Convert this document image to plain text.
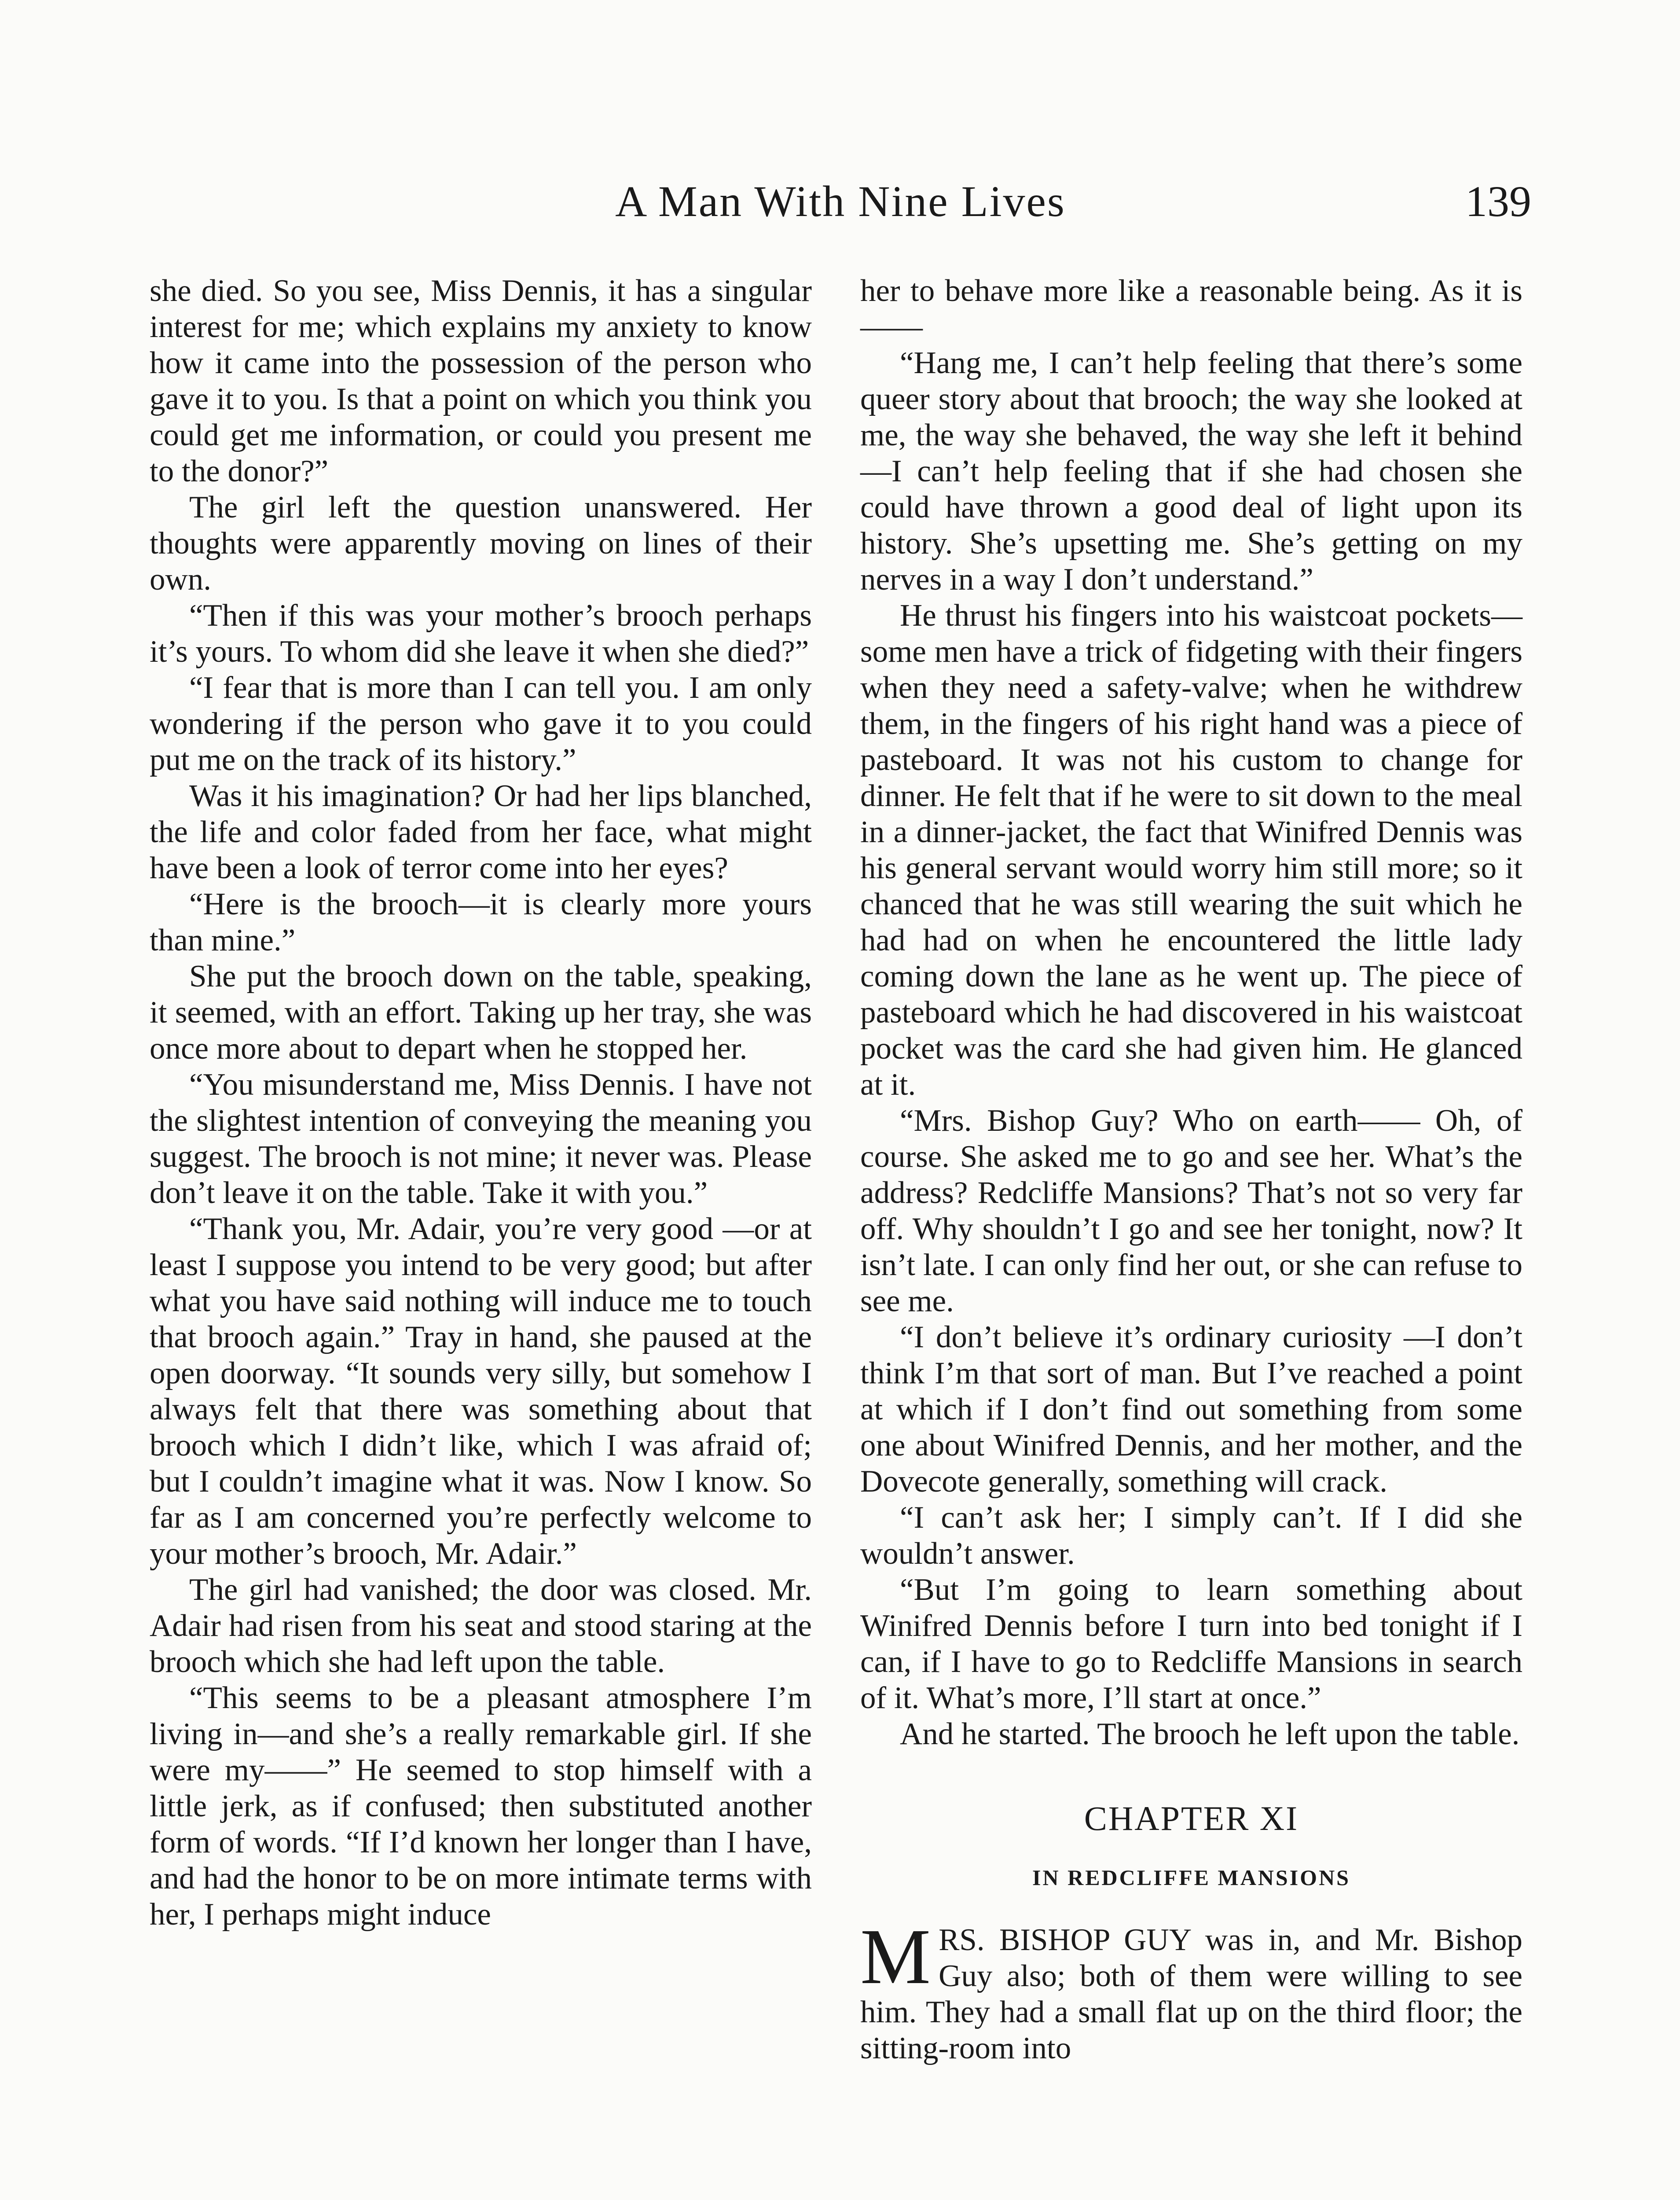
A Man With Nine Lives	139

she died. So you see, Miss Dennis, it has a singular interest for me; which explains my anxiety to know how it came into the possession of the person who gave it to you. Is that a point on which you think you could get me information, or could you present me to the donor?”

The girl left the question unanswered. Her thoughts were apparently moving on lines of their own.

“Then if this was your mother’s brooch perhaps it’s yours. To whom did she leave it when she died?”

“I fear that is more than I can tell you. I am only wondering if the person who gave it to you could put me on the track of its history.”

Was it his imagination? Or had her lips blanched, the life and color faded from her face, what might have been a look of terror come into her eyes?

“Here is the brooch—it is clearly more yours than mine.”

She put the brooch down on the table, speaking, it seemed, with an effort. Taking up her tray, she was once more about to depart when he stopped her.

“You misunderstand me, Miss Dennis. I have not the slightest intention of conveying the meaning you suggest. The brooch is not mine; it never was. Please don’t leave it on the table. Take it with you.”

“Thank you, Mr. Adair, you’re very good —or at least I suppose you intend to be very good; but after what you have said nothing will induce me to touch that brooch again.” Tray in hand, she paused at the open doorway. “It sounds very silly, but somehow I always felt that there was something about that brooch which I didn’t like, which I was afraid of; but I couldn’t imagine what it was. Now I know. So far as I am concerned you’re perfectly welcome to your mother’s brooch, Mr. Adair.”

The girl had vanished; the door was closed. Mr. Adair had risen from his seat and stood staring at the brooch which she had left upon the table.

“This seems to be a pleasant atmosphere I’m living in—and she’s a really remarkable girl. If she were my——” He seemed to stop himself with a little jerk, as if confused; then substituted another form of words. “If I’d known her longer than I have, and had the honor to be on more intimate terms with her, I perhaps might induce

her to behave more like a reasonable being. As it is——

“Hang me, I can’t help feeling that there’s some queer story about that brooch; the way she looked at me, the way she behaved, the way she left it behind—I can’t help feeling that if she had chosen she could have thrown a good deal of light upon its history. She’s upsetting me. She’s getting on my nerves in a way I don’t understand.”

He thrust his fingers into his waistcoat pockets—some men have a trick of fidgeting with their fingers when they need a safety-valve; when he withdrew them, in the fingers of his right hand was a piece of pasteboard. It was not his custom to change for dinner. He felt that if he were to sit down to the meal in a dinner-jacket, the fact that Winifred Dennis was his general servant would worry him still more; so it chanced that he was still wearing the suit which he had had on when he encountered the little lady coming down the lane as he went up. The piece of pasteboard which he had discovered in his waistcoat pocket was the card she had given him. He glanced at it.

“Mrs. Bishop Guy? Who on earth—— Oh, of course. She asked me to go and see her. What’s the address? Redcliffe Mansions? That’s not so very far off. Why shouldn’t I go and see her tonight, now? It isn’t late. I can only find her out, or she can refuse to see me.

“I don’t believe it’s ordinary curiosity —I don’t think I’m that sort of man. But I’ve reached a point at which if I don’t find out something from some one about Winifred Dennis, and her mother, and the Dovecote generally, something will crack.

“I can’t ask her; I simply can’t. If I did she wouldn’t answer.

“But I’m going to learn something about Winifred Dennis before I turn into bed tonight if I can, if I have to go to Redcliffe Mansions in search of it. What’s more, I’ll start at once.”

And he started. The brooch he left upon the table.

CHAPTER XI
IN REDCLIFFE MANSIONS

MRS. BISHOP GUY was in, and Mr. Bishop Guy also; both of them were willing to see him. They had a small flat up on the third floor; the sitting-room into
